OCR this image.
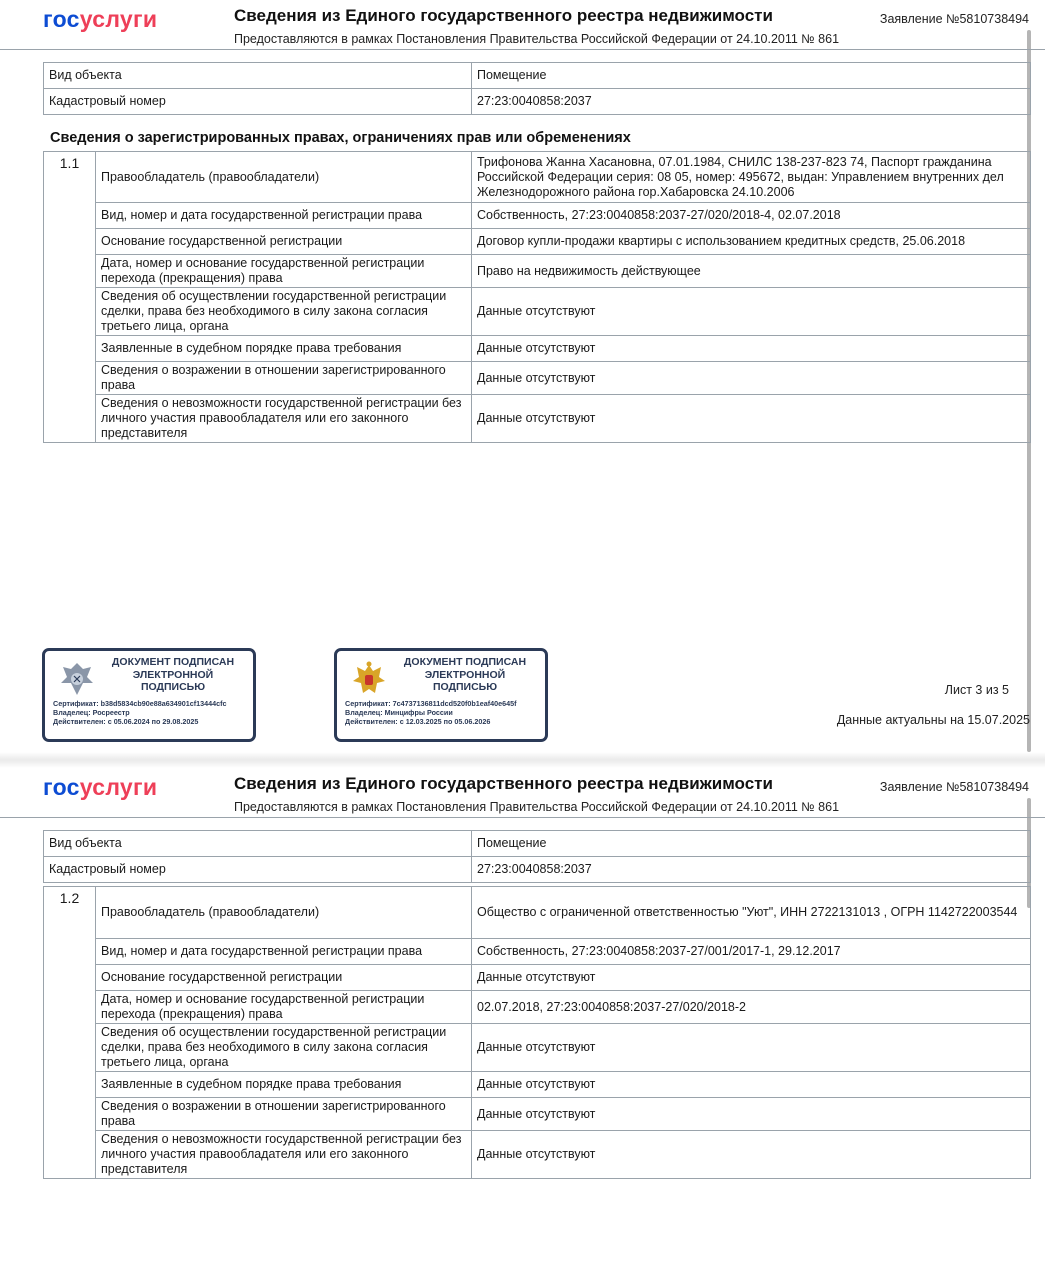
госуслуги	Сведения из Единого государственного реестра недвижимости
Предоставляются в рамках Постановления Правительства Российской Федерации от 24.10.2011 № 861
Заявление №5810738494
Вид объекта	Помещение
Кадастровый номер	27:23:0040858:2037
Сведения о зарегистрированных правах, ограничениях прав или обременениях
1.1	Правообладатель (правообладатели)	Трифонова Жанна Хасановна, 07.01.1984, СНИЛС 138-237-823 74, Паспорт гражданина Российской Федерации серия: 08 05, номер: 495672, выдан: Управлением внутренних дел Железнодорожного района гор.Хабаровска 24.10.2006
	Вид, номер и дата государственной регистрации права	Собственность, 27:23:0040858:2037-27/020/2018-4, 02.07.2018
	Основание государственной регистрации	Договор купли-продажи квартиры с использованием кредитных средств, 25.06.2018
	Дата, номер и основание государственной регистрации перехода (прекращения) права	Право на недвижимость действующее
	Сведения об осуществлении государственной регистрации сделки, права без необходимого в силу закона согласия третьего лица, органа	Данные отсутствуют
	Заявленные в судебном порядке права требования	Данные отсутствуют
	Сведения о возражении в отношении зарегистрированного права	Данные отсутствуют
	Сведения о невозможности государственной регистрации без личного участия правообладателя или его законного представителя	Данные отсутствуют
ДОКУМЕНТ ПОДПИСАН
ЭЛЕКТРОННОЙ
ПОДПИСЬЮ
Сертификат: b38d5834cb90e88a634901cf13444cfc
Владелец: Росреестр
Действителен: с 05.06.2024 по 29.08.2025
ДОКУМЕНТ ПОДПИСАН
ЭЛЕКТРОННОЙ
ПОДПИСЬЮ
Сертификат: 7c4737136811dcd520f0b1eaf40e645f
Владелец: Минцифры России
Действителен: с 12.03.2025 по 05.06.2026
Лист 3 из 5
Данные актуальны на 15.07.2025
госуслуги	Сведения из Единого государственного реестра недвижимости
Предоставляются в рамках Постановления Правительства Российской Федерации от 24.10.2011 № 861
Заявление №5810738494
Вид объекта	Помещение
Кадастровый номер	27:23:0040858:2037
1.2	Правообладатель (правообладатели)	Общество с ограниченной ответственностью "Уют", ИНН 2722131013 , ОГРН 1142722003544
	Вид, номер и дата государственной регистрации права	Собственность, 27:23:0040858:2037-27/001/2017-1, 29.12.2017
	Основание государственной регистрации	Данные отсутствуют
	Дата, номер и основание государственной регистрации перехода (прекращения) права	02.07.2018, 27:23:0040858:2037-27/020/2018-2
	Сведения об осуществлении государственной регистрации сделки, права без необходимого в силу закона согласия третьего лица, органа	Данные отсутствуют
	Заявленные в судебном порядке права требования	Данные отсутствуют
	Сведения о возражении в отношении зарегистрированного права	Данные отсутствуют
	Сведения о невозможности государственной регистрации без личного участия правообладателя или его законного представителя	Данные отсутствуют
